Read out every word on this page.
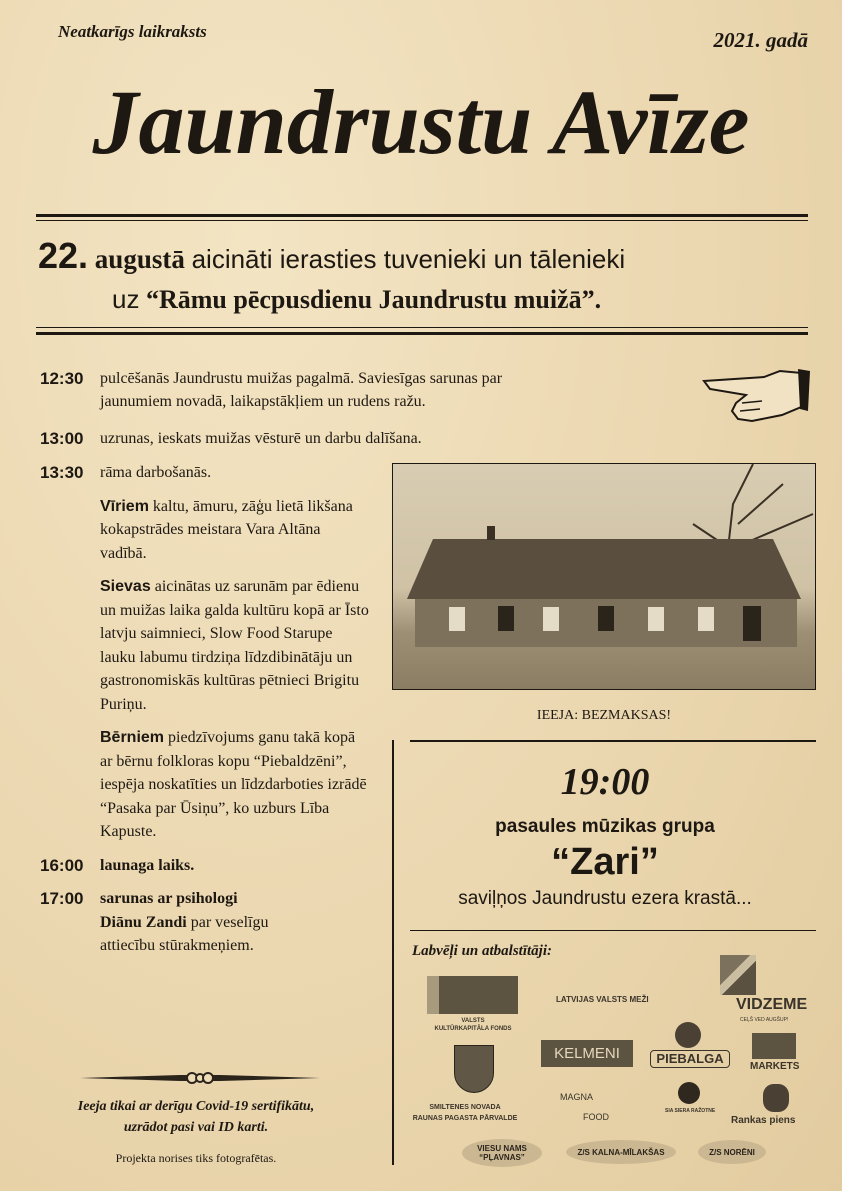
Neatkarīgs laikraksts	2021. gadā
Jaundrustu Avīze
22. augustā aicināti ierasties tuvenieki un tālenieki
uz “Rāmu pēcpusdienu Jaundrustu muižā”.
12:30 pulcēšanās Jaundrustu muižas pagalmā. Saviesīgas sarunas par
jaunumiem novadā, laikapstākļiem un rudens ražu.
13:00 uzrunas, ieskats muižas vēsturē un darbu dalīšana.
13:30	rāma darbošanās.
Vīriem kaltu, āmuru, zāģu lietā likšana kokapstrādes meistara Vara Altāna vadībā.
Sievas aicinātas uz sarunām par ēdienu un muižas laika galda kultūru kopā ar Īsto latvju saimnieci, Slow Food Starupe lauku labumu tirdziņa līdzdibinātāju un gastronomiskās kultūras pētnieci Brigitu Puriņu.
Bērniem piedzīvojums ganu takā kopā ar bērnu folkloras kopu “Piebaldzēni”, iespēja noskatīties un līdzdarboties izrādē “Pasaka par Ūsiņu”, ko uzburs Lība Kapuste.
16:00	launaga laiks.
17:00	sarunas ar psihologi
Diānu Zandi par veselīgu
attiecību stūrakmeņiem.
IEEJA: BEZMAKSAS!
19:00
pasaules mūzikas grupa
“Zari”
saviļņos Jaundrustu ezera krastā...
Labvēļi un atbalstītāji:
VALSTS
KULTŪRKAPITĀLA FONDS
LATVIJAS VALSTS MEŽI	VIDZEME
CEĻŠ VED AUGŠUP!
SMILTENES NOVADA
RAUNAS PAGASTA PĀRVALDE
KELMENI	PIEBALGA
MARKETS
MAGNA
FOOD
SIA SIERA RAŽOTNE
Rankas piens
VIESU NAMS “PĻAVNAS”
Z/S KALNA-MĪLAKŠAS	Z/S NORĒNI
Ieeja tikai ar derīgu Covid-19 sertifikātu,
uzrādot pasi vai ID karti.
Projekta norises tiks fotografētas.
